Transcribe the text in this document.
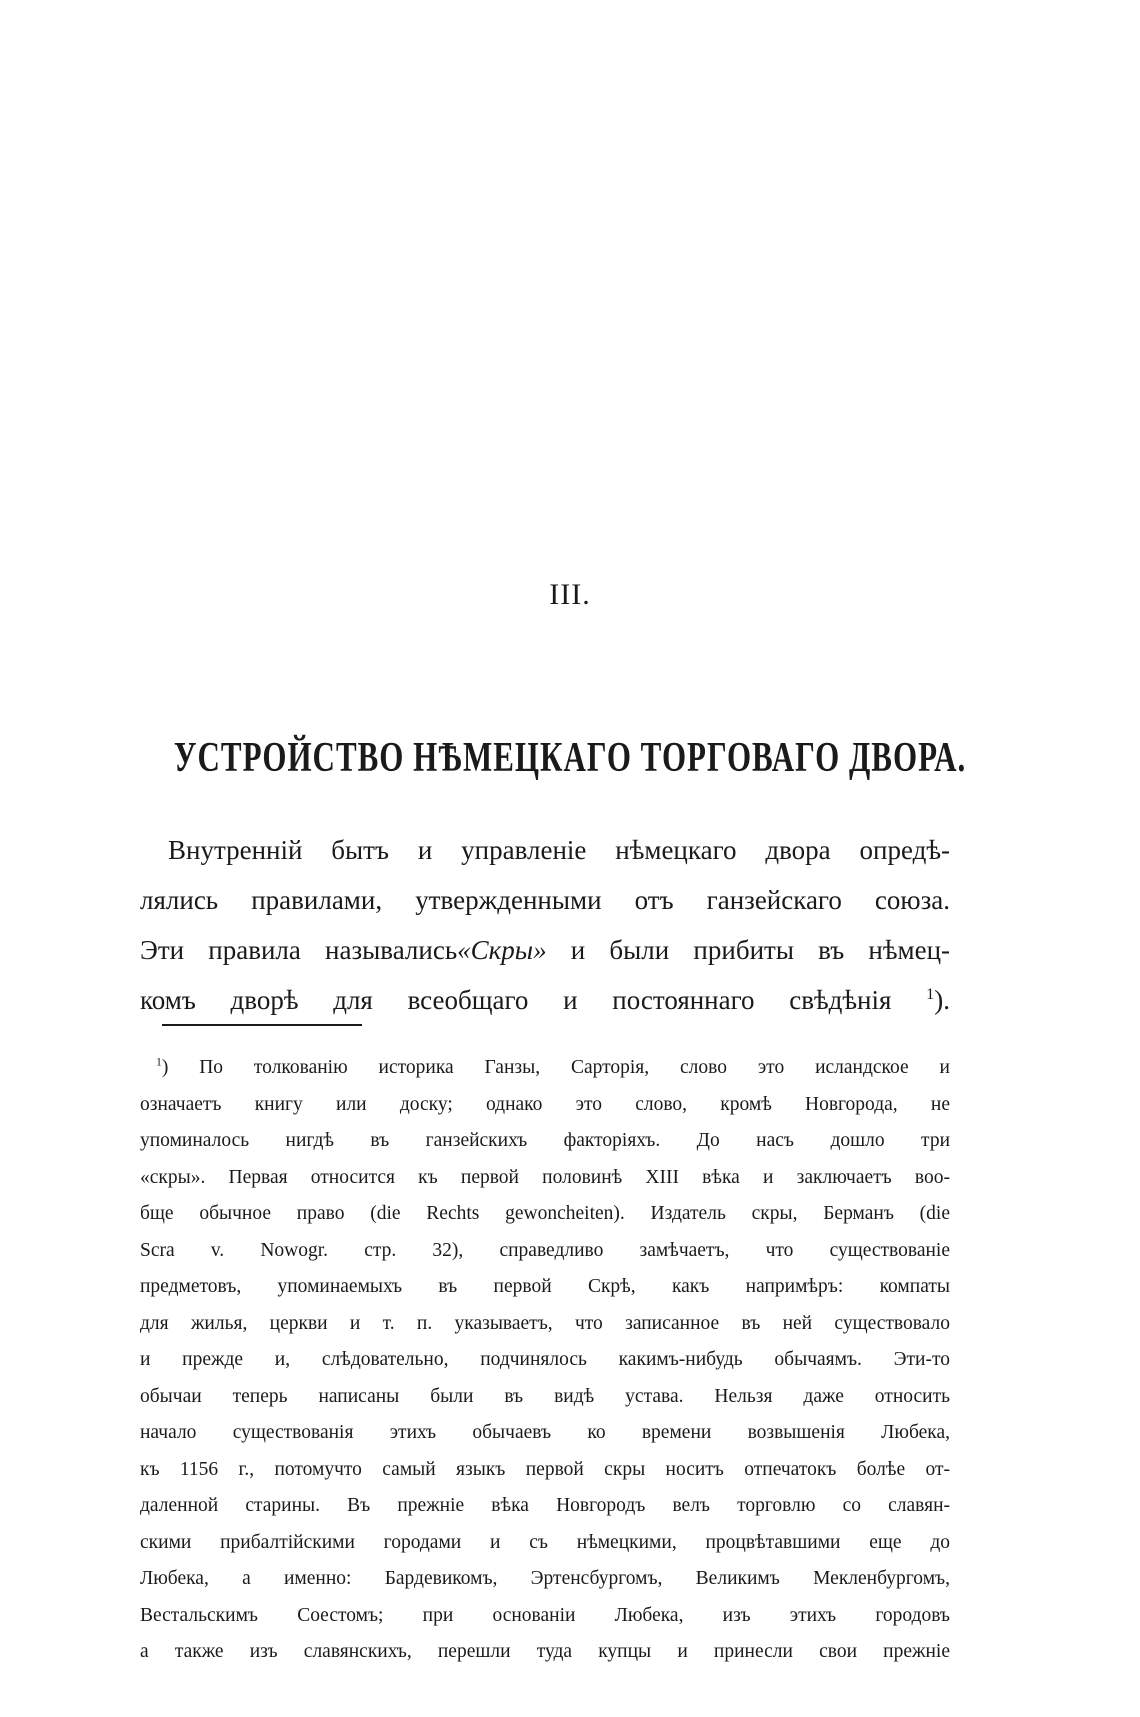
III.
УСТРОЙСТВО НѢМЕЦКАГО ТОРГОВАГО ДВОРА.
Внутренній бытъ и управленіе нѣмецкаго двора опредѣ-
лялись правилами, утвержденными отъ ганзейскаго союза.
Эти правила назывались«Скры» и были прибиты въ нѣмец-
комъ дворѣ для всеобщаго и постояннаго свѣдѣнія $^1$).
$^1$) По толкованію историка Ганзы, Сарторія, слово это исландское и
означаетъ книгу или доску; однако это слово, кромѣ Новгорода, не
упоминалось нигдѣ въ ганзейскихъ факторіяхъ. До насъ дошло три
«скры». Первая относится къ первой половинѣ XIII вѣка и заключаетъ воо-
бще обычное право (die Rechts gewoncheiten). Издатель скры, Берманъ (die
Scra v. Nowogr. стр. 32), справедливо замѣчаетъ, что существованіе
предметовъ, упоминаемыхъ въ первой Скрѣ, какъ напримѣръ: компаты
для жилья, церкви и т. п. указываетъ, что записанное въ ней существовало
и прежде и, слѣдовательно, подчинялось какимъ-нибудь обычаямъ. Эти-то
обычаи теперь написаны были въ видѣ устава. Нельзя даже относить
начало существованія этихъ обычаевъ ко времени возвышенія Любека,
къ 1156 г., потомучто самый языкъ первой скры носитъ отпечатокъ болѣе от-
даленной старины. Въ прежніе вѣка Новгородъ велъ торговлю со славян-
скими прибалтійскими городами и съ нѣмецкими, процвѣтавшими еще до
Любека, а именно: Бардевикомъ, Эртенсбургомъ, Великимъ Мекленбургомъ,
Вестальскимъ Соестомъ; при основаніи Любека, изъ этихъ городовъ
а также изъ славянскихъ, перешли туда купцы и принесли свои прежніе
